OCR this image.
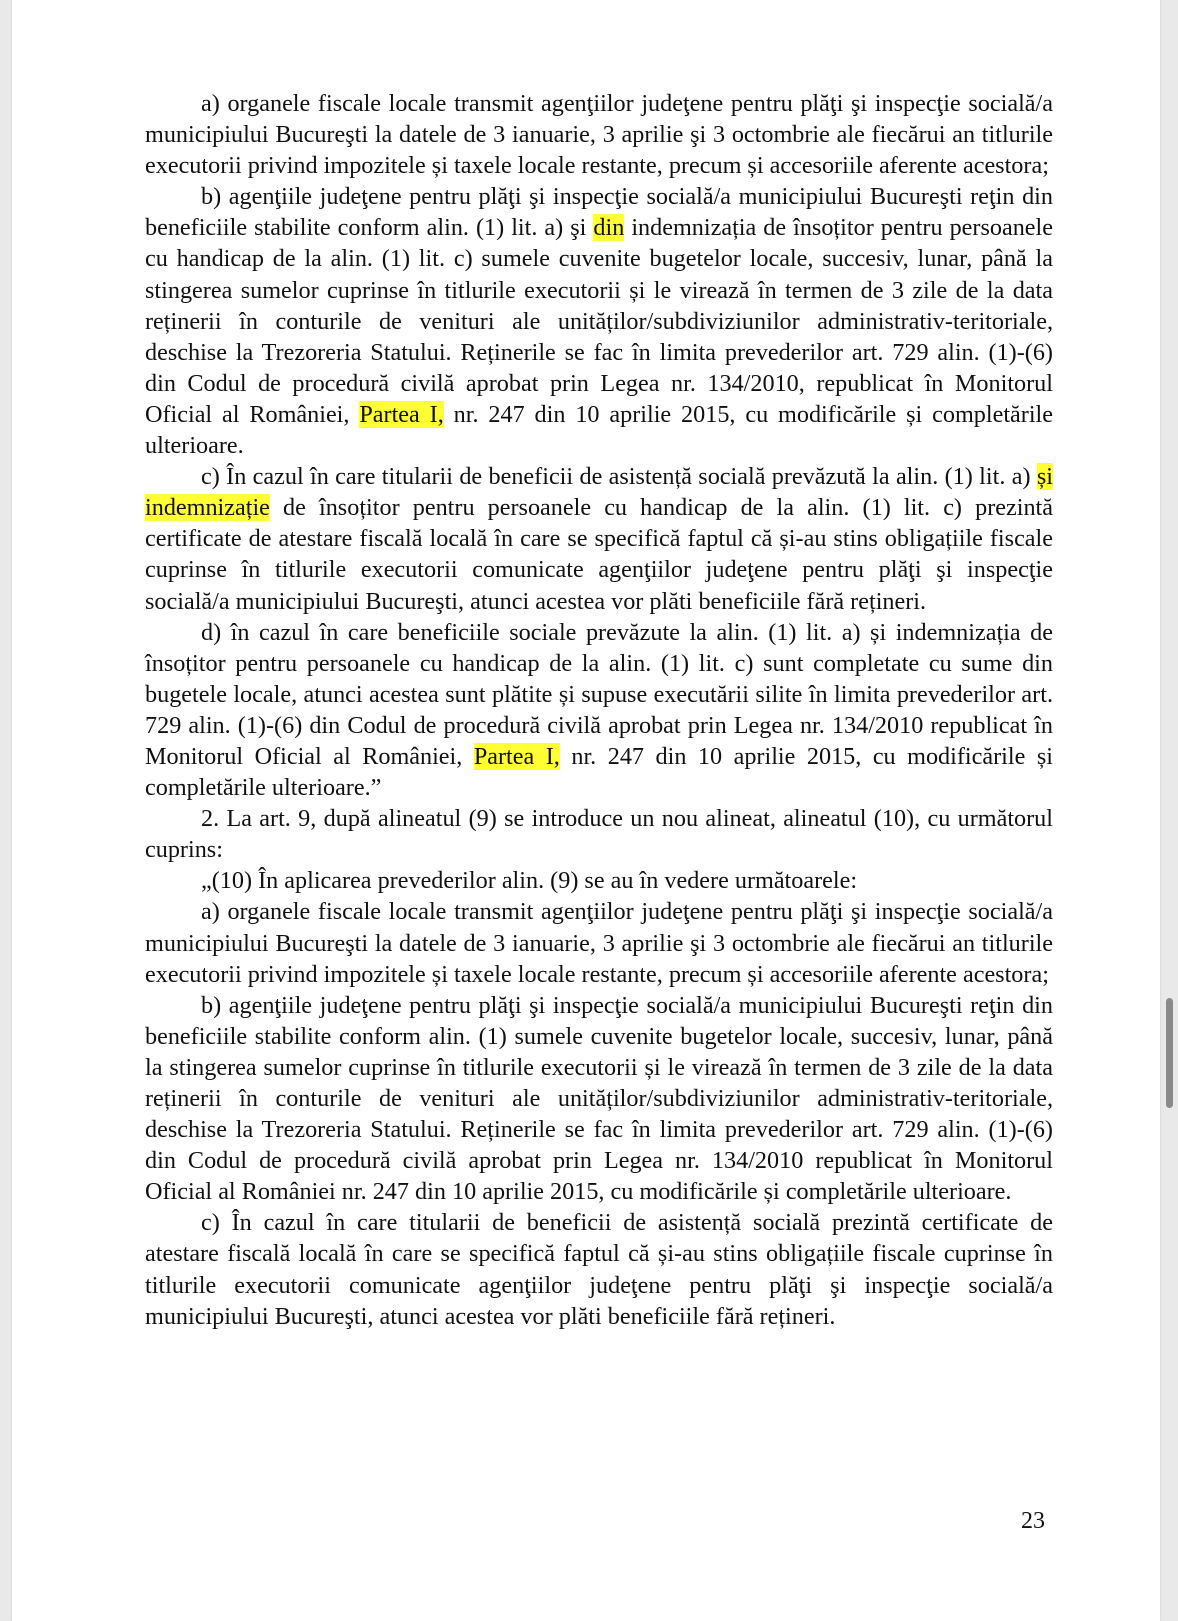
a) organele fiscale locale transmit agenţiilor judeţene pentru plăţi şi inspecţie socială/a municipiului Bucureşti la datele de 3 ianuarie, 3 aprilie şi 3 octombrie ale fiecărui an titlurile executorii privind impozitele și taxele locale restante, precum și accesoriile aferente acestora;

b) agenţiile judeţene pentru plăţi şi inspecţie socială/a municipiului Bucureşti reţin din beneficiile stabilite conform alin. (1) lit. a) şi din indemnizația de însoțitor pentru persoanele cu handicap de la alin. (1) lit. c) sumele cuvenite bugetelor locale, succesiv, lunar, până la stingerea sumelor cuprinse în titlurile executorii și le virează în termen de 3 zile de la data reținerii în conturile de venituri ale unităților/subdiviziunilor administrativ-teritoriale, deschise la Trezoreria Statului. Reținerile se fac în limita prevederilor art. 729 alin. (1)-(6) din Codul de procedură civilă aprobat prin Legea nr. 134/2010, republicat în Monitorul Oficial al României, Partea I, nr. 247 din 10 aprilie 2015, cu modificările și completările ulterioare.

c) În cazul în care titularii de beneficii de asistență socială prevăzută la alin. (1) lit. a) și indemnizație de însoțitor pentru persoanele cu handicap de la alin. (1) lit. c) prezintă certificate de atestare fiscală locală în care se specifică faptul că și-au stins obligațiile fiscale cuprinse în titlurile executorii comunicate agenţiilor judeţene pentru plăţi şi inspecţie socială/a municipiului Bucureşti, atunci acestea vor plăti beneficiile fără rețineri.

d) în cazul în care beneficiile sociale prevăzute la alin. (1) lit. a) și indemnizația de însoțitor pentru persoanele cu handicap de la alin. (1) lit. c) sunt completate cu sume din bugetele locale, atunci acestea sunt plătite și supuse executării silite în limita prevederilor art. 729 alin. (1)-(6) din Codul de procedură civilă aprobat prin Legea nr. 134/2010 republicat în Monitorul Oficial al României, Partea I, nr. 247 din 10 aprilie 2015, cu modificările și completările ulterioare.”

2. La art. 9, după alineatul (9) se introduce un nou alineat, alineatul (10), cu următorul cuprins:

„(10) În aplicarea prevederilor alin. (9) se au în vedere următoarele:

a) organele fiscale locale transmit agenţiilor judeţene pentru plăţi şi inspecţie socială/a municipiului Bucureşti la datele de 3 ianuarie, 3 aprilie şi 3 octombrie ale fiecărui an titlurile executorii privind impozitele și taxele locale restante, precum și accesoriile aferente acestora;

b) agenţiile judeţene pentru plăţi şi inspecţie socială/a municipiului Bucureşti reţin din beneficiile stabilite conform alin. (1) sumele cuvenite bugetelor locale, succesiv, lunar, până la stingerea sumelor cuprinse în titlurile executorii și le virează în termen de 3 zile de la data reținerii în conturile de venituri ale unităților/subdiviziunilor administrativ-teritoriale, deschise la Trezoreria Statului. Reținerile se fac în limita prevederilor art. 729 alin. (1)-(6) din Codul de procedură civilă aprobat prin Legea nr. 134/2010 republicat în Monitorul Oficial al României nr. 247 din 10 aprilie 2015, cu modificările și completările ulterioare.

c) În cazul în care titularii de beneficii de asistență socială prezintă certificate de atestare fiscală locală în care se specifică faptul că și-au stins obligațiile fiscale cuprinse în titlurile executorii comunicate agenţiilor judeţene pentru plăţi şi inspecţie socială/a municipiului Bucureşti, atunci acestea vor plăti beneficiile fără rețineri.

23
